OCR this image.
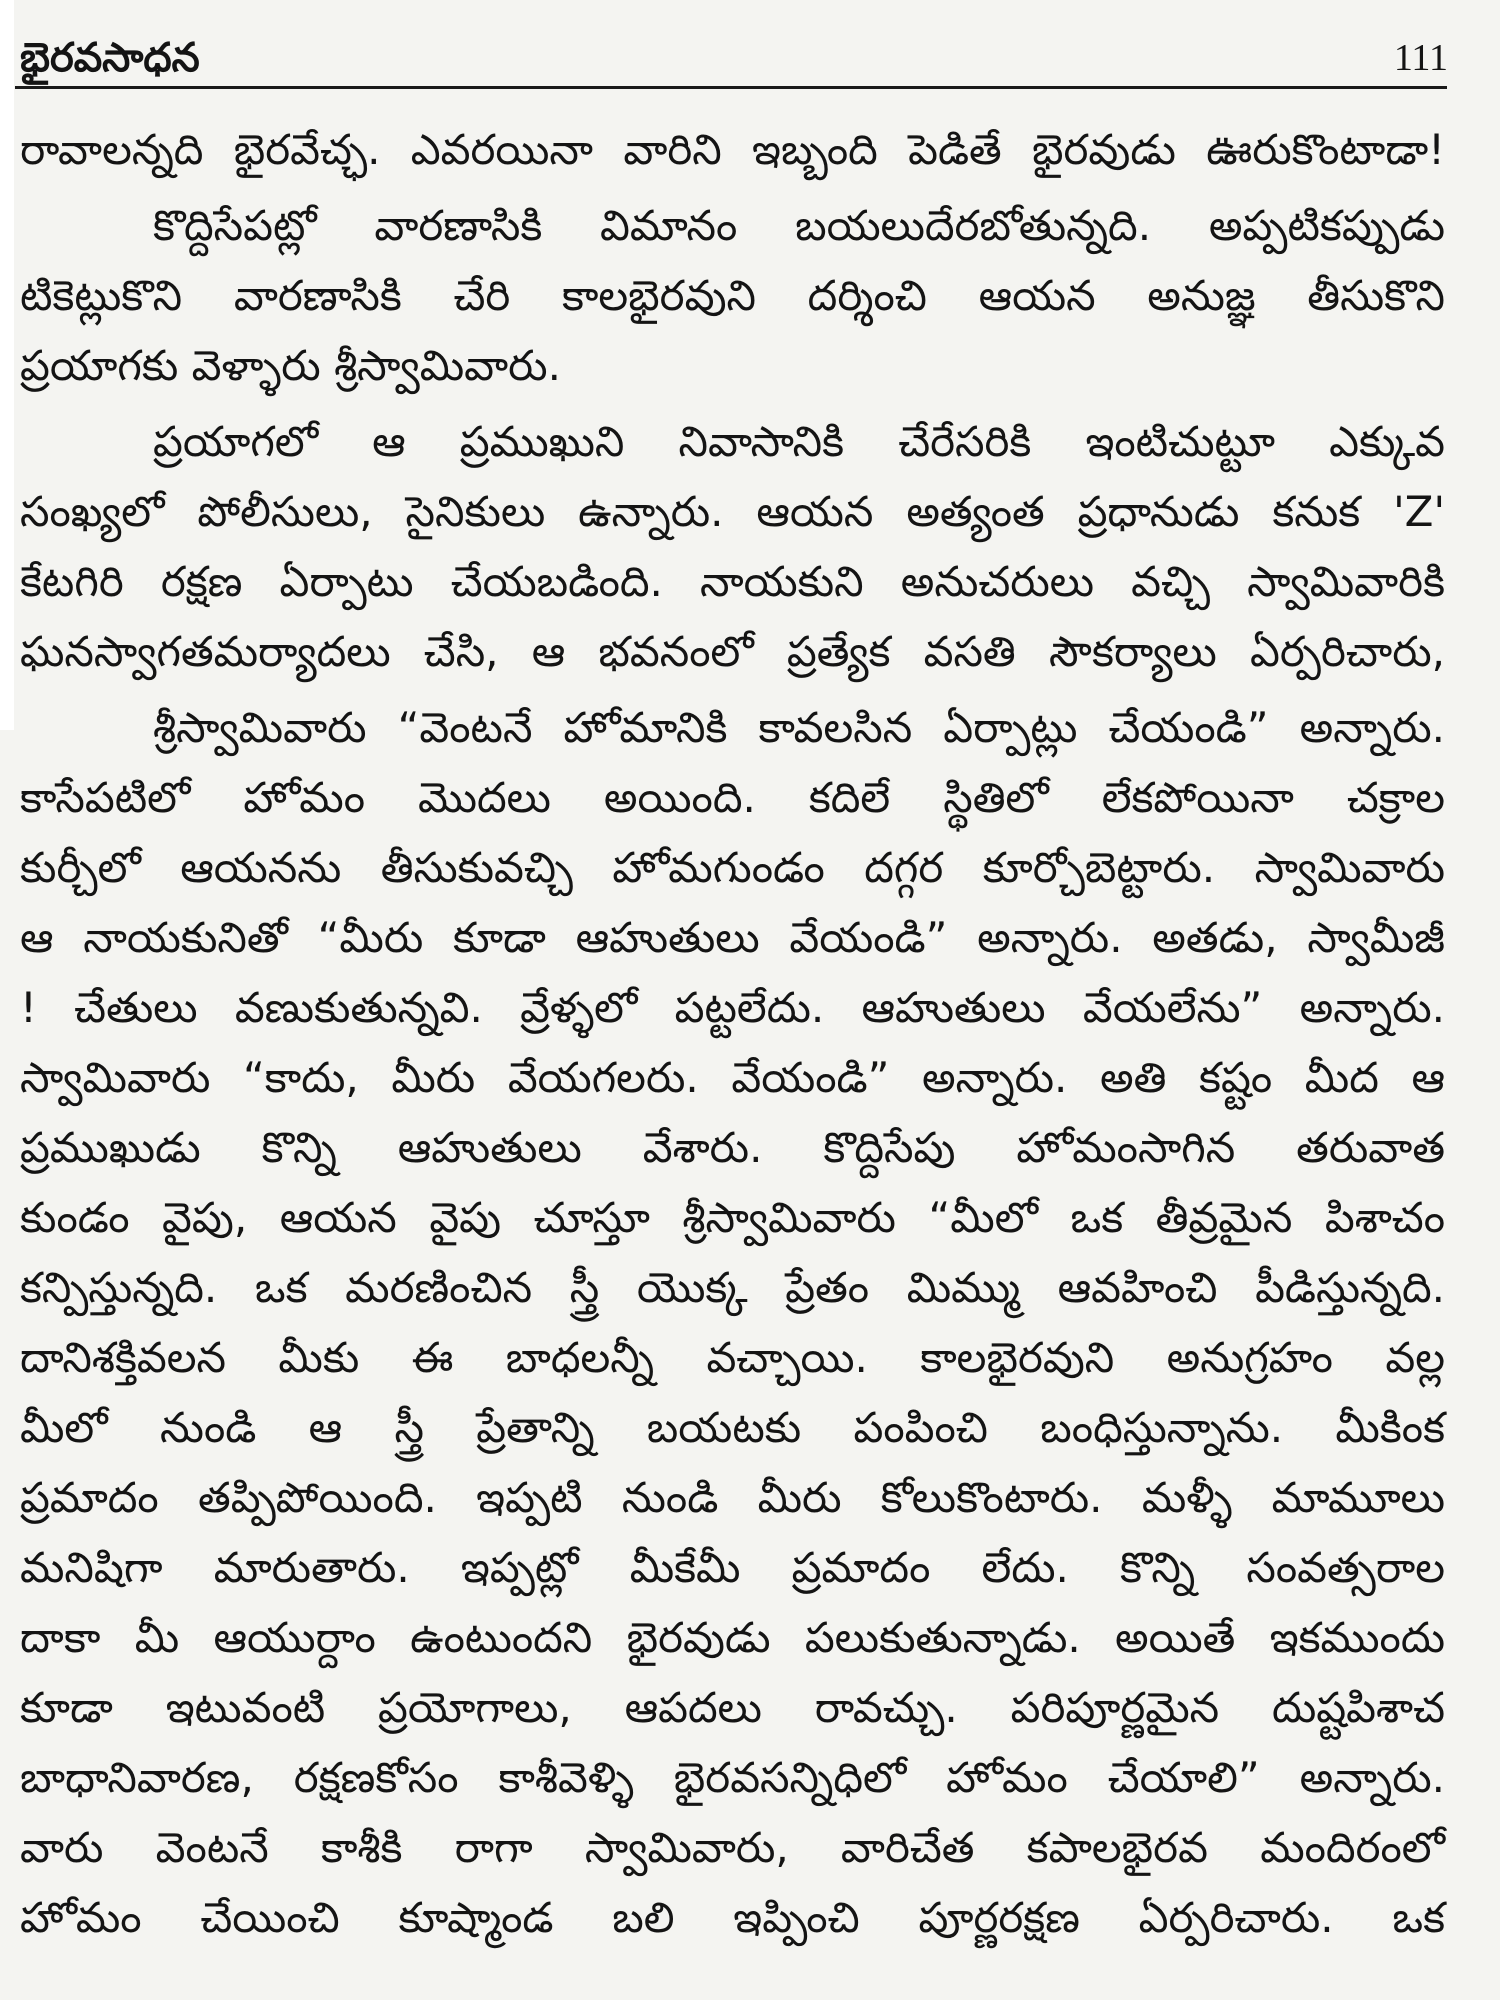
భైరవసాధన	111
రావాలన్నది భైరవేచ్ఛ. ఎవరయినా వారిని ఇబ్బంది పెడితే భైరవుడు ఊరుకొంటాడా!
కొద్దిసేపట్లో వారణాసికి విమానం బయలుదేరబోతున్నది. అప్పటికప్పుడు
టికెట్లుకొని వారణాసికి చేరి కాలభైరవుని దర్శించి ఆయన అనుజ్ఞ తీసుకొని
ప్రయాగకు వెళ్ళారు శ్రీస్వామివారు.
ప్రయాగలో ఆ ప్రముఖుని నివాసానికి చేరేసరికి ఇంటిచుట్టూ ఎక్కువ
సంఖ్యలో పోలీసులు, సైనికులు ఉన్నారు. ఆయన అత్యంత ప్రధానుడు కనుక 'Z'
కేటగిరి రక్షణ ఏర్పాటు చేయబడింది. నాయకుని అనుచరులు వచ్చి స్వామివారికి
ఘనస్వాగతమర్యాదలు చేసి, ఆ భవనంలో ప్రత్యేక వసతి సౌకర్యాలు ఏర్పరిచారు,
శ్రీస్వామివారు “వెంటనే హోమానికి కావలసిన ఏర్పాట్లు చేయండి” అన్నారు.
కాసేపటిలో హోమం మొదలు అయింది. కదిలే స్థితిలో లేకపోయినా చక్రాల
కుర్చీలో ఆయనను తీసుకువచ్చి హోమగుండం దగ్గర కూర్చోబెట్టారు. స్వామివారు
ఆ నాయకునితో “మీరు కూడా ఆహుతులు వేయండి” అన్నారు. అతడు, స్వామీజీ
! చేతులు వణుకుతున్నవి. వ్రేళ్ళలో పట్టలేదు. ఆహుతులు వేయలేను” అన్నారు.
స్వామివారు “కాదు, మీరు వేయగలరు. వేయండి” అన్నారు. అతి కష్టం మీద ఆ
ప్రముఖుడు కొన్ని ఆహుతులు వేశారు. కొద్దిసేపు హోమంసాగిన తరువాత
కుండం వైపు, ఆయన వైపు చూస్తూ శ్రీస్వామివారు “మీలో ఒక తీవ్రమైన పిశాచం
కన్పిస్తున్నది. ఒక మరణించిన స్త్రీ యొక్క ప్రేతం మిమ్ము ఆవహించి పీడిస్తున్నది.
దానిశక్తివలన మీకు ఈ బాధలన్నీ వచ్చాయి. కాలభైరవుని అనుగ్రహం వల్ల
మీలో నుండి ఆ స్త్రీ ప్రేతాన్ని బయటకు పంపించి బంధిస్తున్నాను. మీకింక
ప్రమాదం తప్పిపోయింది. ఇప్పటి నుండి మీరు కోలుకొంటారు. మళ్ళీ మామూలు
మనిషిగా మారుతారు. ఇప్పట్లో మీకేమీ ప్రమాదం లేదు. కొన్ని సంవత్సరాల
దాకా మీ ఆయుర్దాం ఉంటుందని భైరవుడు పలుకుతున్నాడు. అయితే ఇకముందు
కూడా ఇటువంటి ప్రయోగాలు, ఆపదలు రావచ్చు. పరిపూర్ణమైన దుష్టపిశాచ
బాధానివారణ, రక్షణకోసం కాశీవెళ్ళి భైరవసన్నిధిలో హోమం చేయాలి” అన్నారు.
వారు వెంటనే కాశీకి రాగా స్వామివారు, వారిచేత కపాలభైరవ మందిరంలో
హోమం చేయించి కూష్మాండ బలి ఇప్పించి పూర్ణరక్షణ ఏర్పరిచారు. ఒక
